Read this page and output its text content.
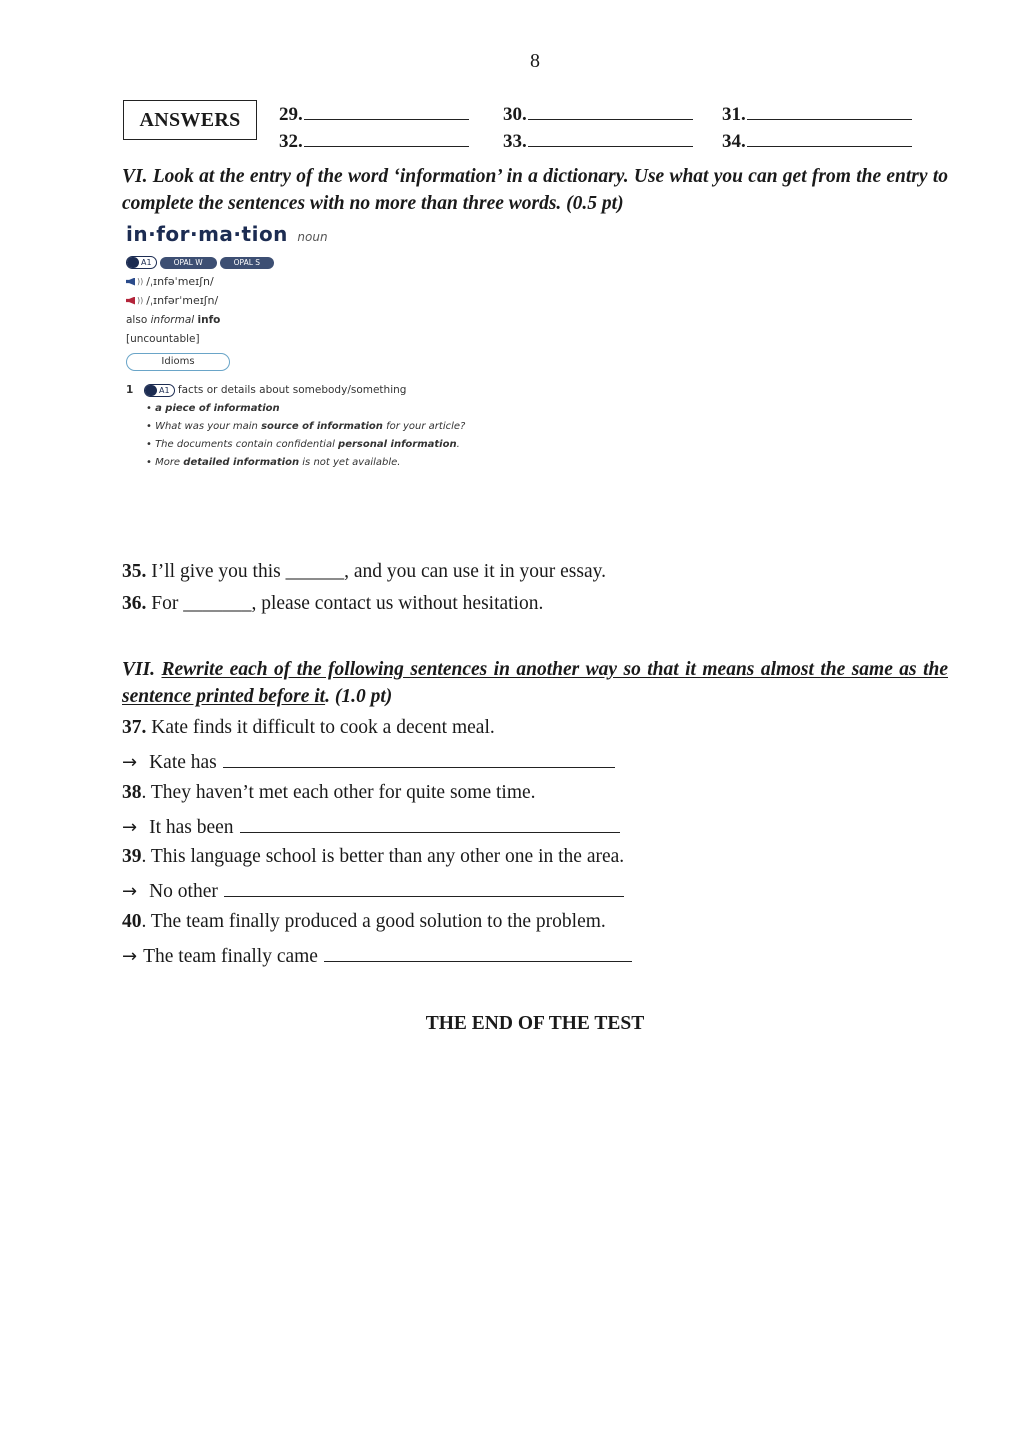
8
ANSWERS	29.	30.	31.
32.	33.	34.
VI. Look at the entry of the word ‘information’ in a dictionary. Use what you can get from the entry to complete the sentences with no more than three words. (0.5 pt)
in·for·ma·tion noun
A1	OPAL W	OPAL S
)) /ˌɪnfəˈmeɪʃn/
)) /ˌɪnfərˈmeɪʃn/
also informal info
[uncountable]
Idioms
1	A1 facts or details about somebody/something
• a piece of information
• What was your main source of information for your article?
• The documents contain confidential personal information.
• More detailed information is not yet available.
35. I’ll give you this ______, and you can use it in your essay.
36. For _______, please contact us without hesitation.
VII. Rewrite each of the following sentences in another way so that it means almost the same as the sentence printed before it. (1.0 pt)
37. Kate finds it difficult to cook a decent meal.
→ Kate has
38. They haven’t met each other for quite some time.
→ It has been
39. This language school is better than any other one in the area.
→ No other
40. The team finally produced a good solution to the problem.
→ The team finally came
THE END OF THE TEST
